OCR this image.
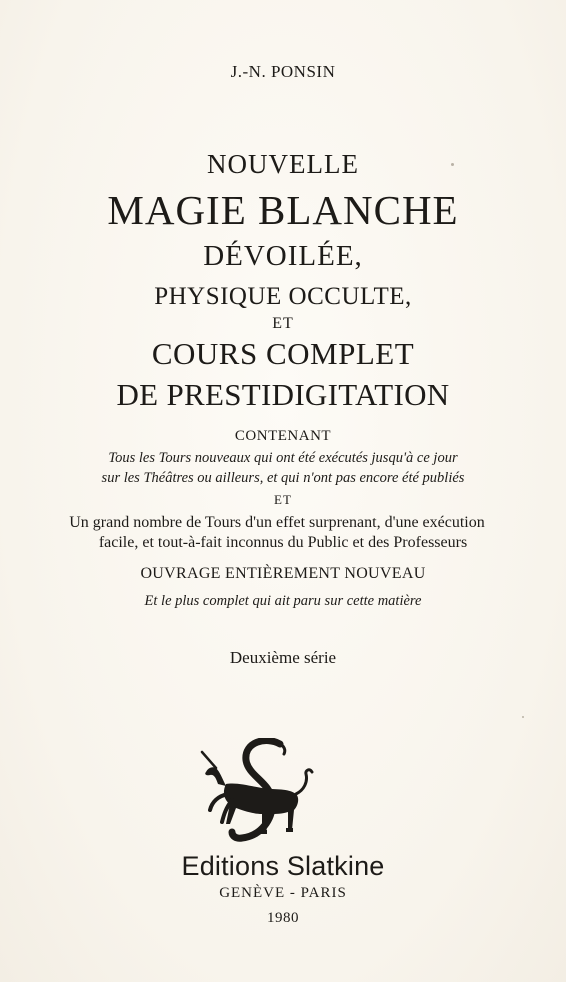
J.-N. PONSIN
NOUVELLE
MAGIE BLANCHE
DÉVOILÉE,
PHYSIQUE OCCULTE,
ET
COURS COMPLET
DE PRESTIDIGITATION
CONTENANT
Tous les Tours nouveaux qui ont été exécutés jusqu'à ce jour
sur les Théâtres ou ailleurs, et qui n'ont pas encore été publiés
ET
Un grand nombre de Tours d'un effet surprenant, d'une exécution
facile, et tout-à-fait inconnus du Public et des Professeurs
OUVRAGE ENTIÈREMENT NOUVEAU
Et le plus complet qui ait paru sur cette matière
Deuxième série
Editions Slatkine
GENÈVE - PARIS
1980
